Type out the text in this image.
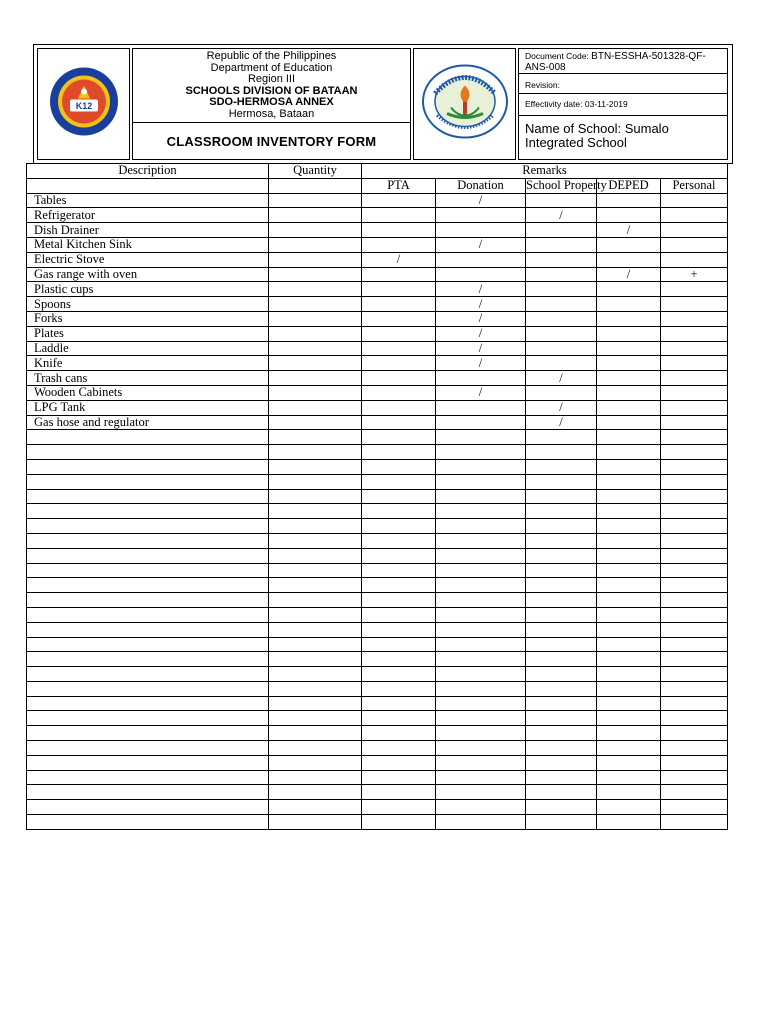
K12
Republic of the Philippines
Department of Education
Region III
SCHOOLS DIVISION OF BATAAN
SDO-HERMOSA ANNEX
Hermosa, Bataan
CLASSROOM INVENTORY FORM
Document Code: BTN-ESSHA-501328-QF-ANS-008
Revision:
Effectivity date: 03-11-2019
Name of School: Sumalo Integrated School
Description	Quantity	Remarks				
		PTA	Donation	School Property	DEPED	Personal
Tables			/			
Refrigerator				/		
Dish Drainer					/	
Metal Kitchen Sink			/			
Electric Stove		/				
Gas range with oven					/	+
Plastic cups			/			
Spoons			/			
Forks			/			
Plates			/			
Laddle			/			
Knife			/			
Trash cans				/		
Wooden Cabinets			/			
LPG Tank				/		
Gas hose and regulator				/		
